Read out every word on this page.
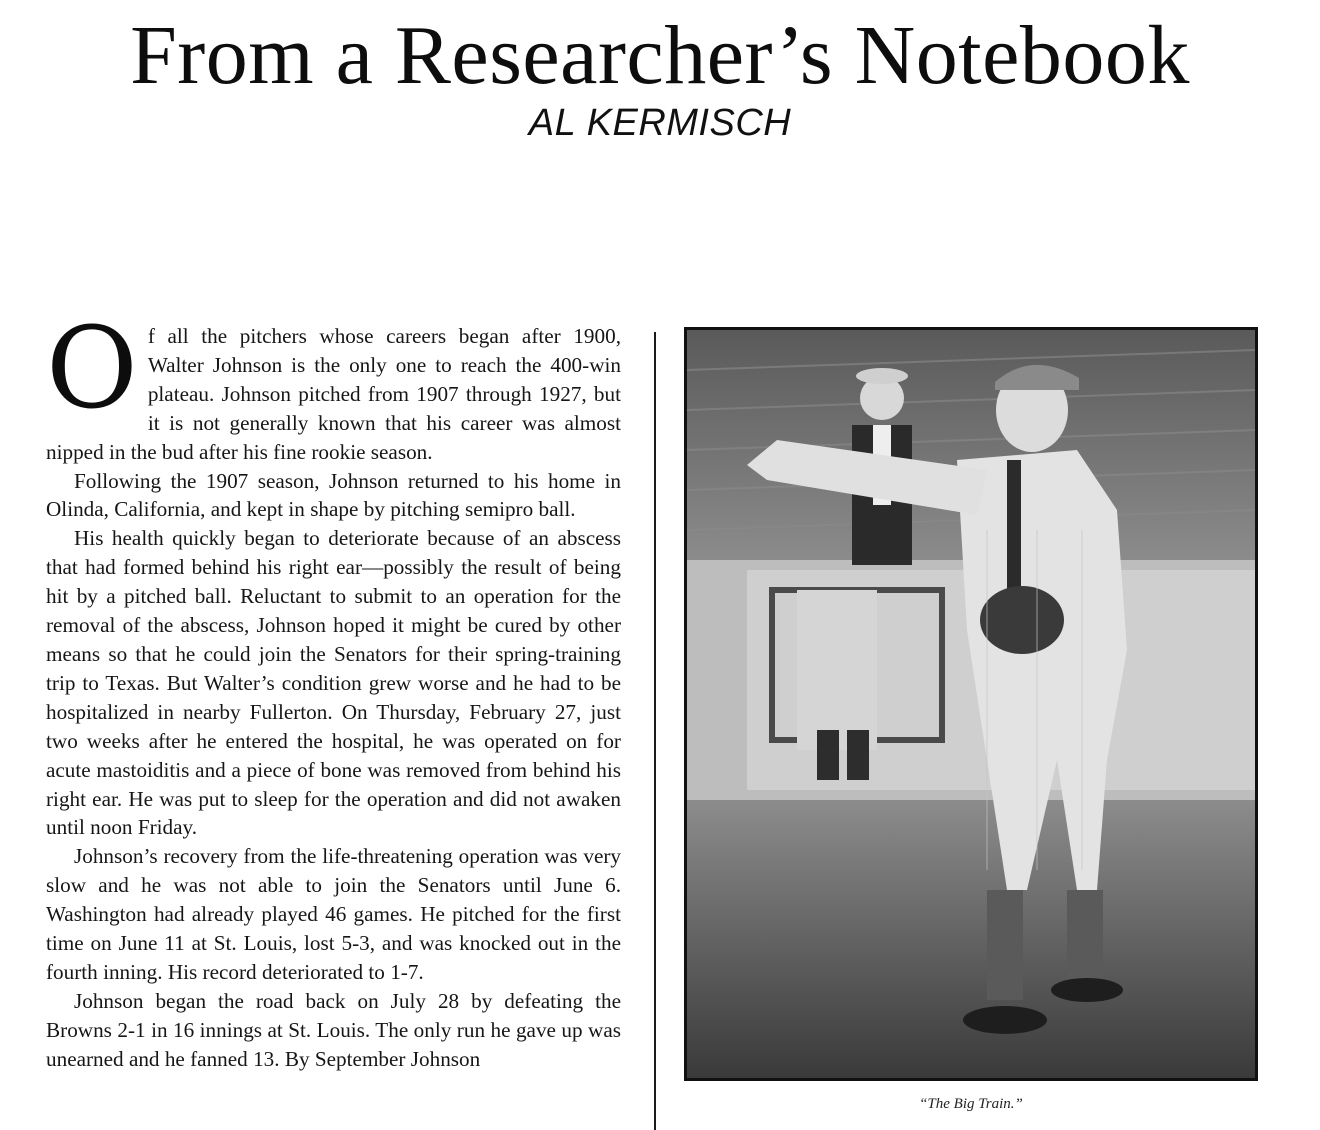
From a Researcher’s Notebook
AL KERMISCH

Of all the pitchers whose careers began after 1900, Walter Johnson is the only one to reach the 400-win plateau. Johnson pitched from 1907 through 1927, but it is not generally known that his career was almost nipped in the bud after his fine rookie season.

Following the 1907 season, Johnson returned to his home in Olinda, California, and kept in shape by pitching semipro ball.

His health quickly began to deteriorate because of an abscess that had formed behind his right ear—possibly the result of being hit by a pitched ball. Reluctant to submit to an operation for the removal of the abscess, Johnson hoped it might be cured by other means so that he could join the Senators for their spring-training trip to Texas. But Walter’s condition grew worse and he had to be hospitalized in nearby Fullerton. On Thursday, February 27, just two weeks after he entered the hospital, he was operated on for acute mastoiditis and a piece of bone was removed from behind his right ear. He was put to sleep for the operation and did not awaken until noon Friday.

Johnson’s recovery from the life-threatening operation was very slow and he was not able to join the Senators until June 6. Washington had already played 46 games. He pitched for the first time on June 11 at St. Louis, lost 5-3, and was knocked out in the fourth inning. His record deteriorated to 1-7.

Johnson began the road back on July 28 by defeating the Browns 2-1 in 16 innings at St. Louis. The only run he gave up was unearned and he fanned 13. By September Johnson

“The Big Train.”
